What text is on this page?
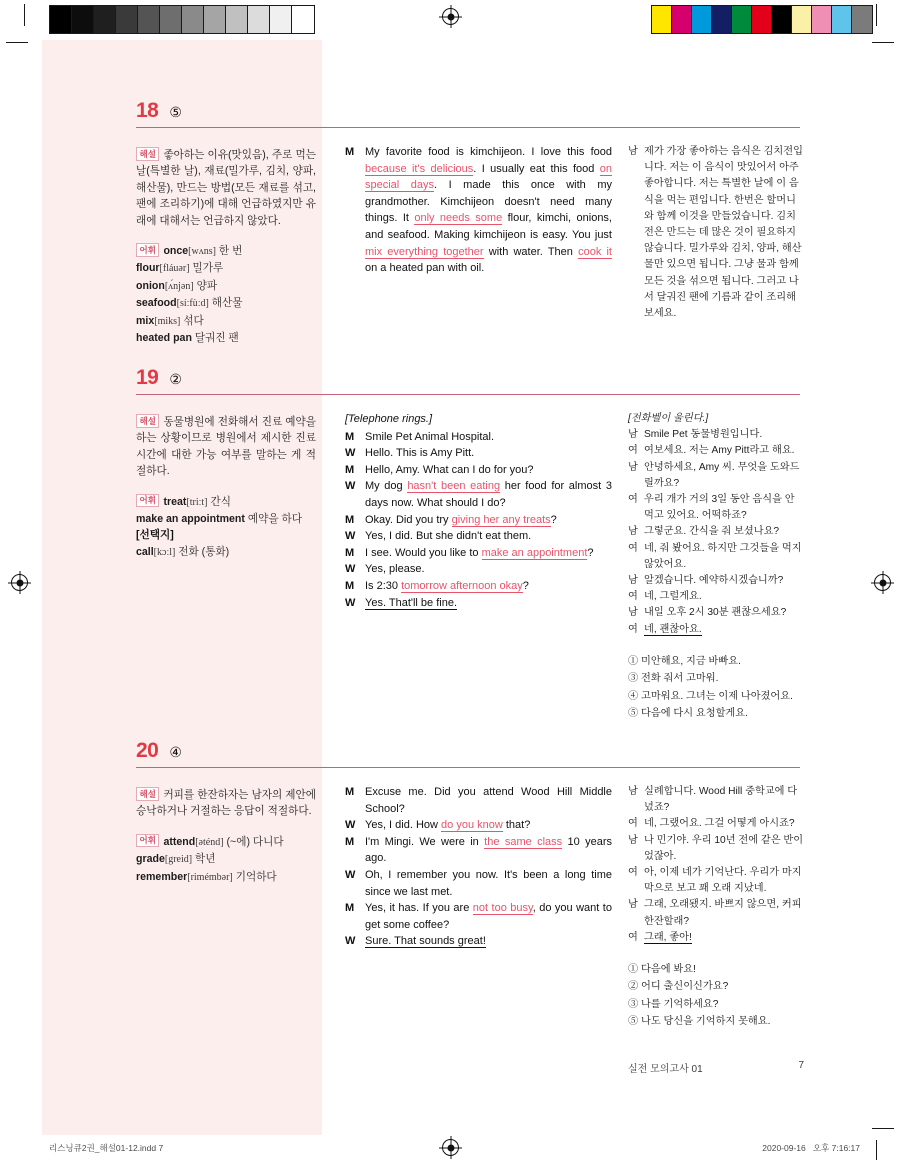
18 ⑤
해설 좋아하는 이유(맛있음), 주로 먹는 날(특별한 날), 재료(밀가루, 김치, 양파, 해산물), 만드는 방법(모든 재료를 섞고, 팬에 조리하기)에 대해 언급하였지만 유래에 대해서는 언급하지 않았다.
어휘 once[wʌns] 한 번
flour[fláuər] 밀가루
onion[ʌ́njən] 양파
seafood[síːfùːd] 해산물
mix[miks] 섞다
heated pan 달궈진 팬
M My favorite food is kimchijeon. I love this food because it's delicious. I usually eat this food on special days. I made this once with my grandmother. Kimchijeon doesn't need many things. It only needs some flour, kimchi, onions, and seafood. Making kimchijeon is easy. You just mix everything together with water. Then cook it on a heated pan with oil.
남 제가 가장 좋아하는 음식은 김치전입니다. 저는 이 음식이 맛있어서 아주 좋아합니다. 저는 특별한 날에 이 음식을 먹는 편입니다. 한번은 할머니와 함께 이것을 만들었습니다. 김치전은 만드는 데 많은 것이 필요하지 않습니다. 밀가루와 김치, 양파, 해산물만 있으면 됩니다. 그냥 물과 함께 모든 것을 섞으면 됩니다. 그러고 나서 달궈진 팬에 기름과 같이 조리해보세요.
19 ②
해설 동물병원에 전화해서 진료 예약을 하는 상황이므로 병원에서 제시한 진료 시간에 대한 가능 여부를 말하는 게 적절하다.
어휘 treat[triːt] 간식
make an appointment 예약을 하다
[선택지]
call[kɔːl] 전화 (통화)
[Telephone rings.]
M Smile Pet Animal Hospital.
W Hello. This is Amy Pitt.
M Hello, Amy. What can I do for you?
W My dog hasn't been eating her food for almost 3 days now. What should I do?
M Okay. Did you try giving her any treats?
W Yes, I did. But she didn't eat them.
M I see. Would you like to make an appointment?
W Yes, please.
M Is 2:30 tomorrow afternoon okay?
W Yes. That'll be fine.
[전화벨이 울린다.]
남 Smile Pet 동물병원입니다.
여 여보세요. 저는 Amy Pitt라고 해요.
남 안녕하세요, Amy 씨. 무엇을 도와드릴까요?
여 우리 개가 거의 3일 동안 음식을 안 먹고 있어요. 어떡하죠?
남 그렇군요. 간식을 줘 보셨나요?
여 네, 줘 봤어요. 하지만 그것들을 먹지 않았어요.
남 알겠습니다. 예약하시겠습니까?
여 네, 그럴게요.
남 내일 오후 2시 30분 괜찮으세요?
여 네, 괜찮아요.
① 미안해요, 지금 바빠요.
③ 전화 줘서 고마워.
④ 고마워요. 그녀는 이제 나아졌어요.
⑤ 다음에 다시 요청할게요.
20 ④
해설 커피를 한잔하자는 남자의 제안에 승낙하거나 거절하는 응답이 적절하다.
어휘 attend[əténd] (~에) 다니다
grade[greid] 학년
remember[rimémbər] 기억하다
M Excuse me. Did you attend Wood Hill Middle School?
W Yes, I did. How do you know that?
M I'm Mingi. We were in the same class 10 years ago.
W Oh, I remember you now. It's been a long time since we last met.
M Yes, it has. If you are not too busy, do you want to get some coffee?
W Sure. That sounds great!
남 실례합니다. Wood Hill 중학교에 다녔죠?
여 네, 그랬어요. 그걸 어떻게 아시죠?
남 나 민기야. 우리 10년 전에 같은 반이었잖아.
여 아, 이제 네가 기억난다. 우리가 마지막으로 보고 꽤 오래 지났네.
남 그래, 오래됐지. 바쁘지 않으면, 커피 한잔할래?
여 그래, 좋아!
① 다음에 봐요!
② 어디 출신이신가요?
③ 나를 기억하세요?
⑤ 나도 당신을 기억하지 못해요.
실전 모의고사 01	7
리스닝큐2권_해설01-12.indd 7	2020-09-16 오후 7:16:17
